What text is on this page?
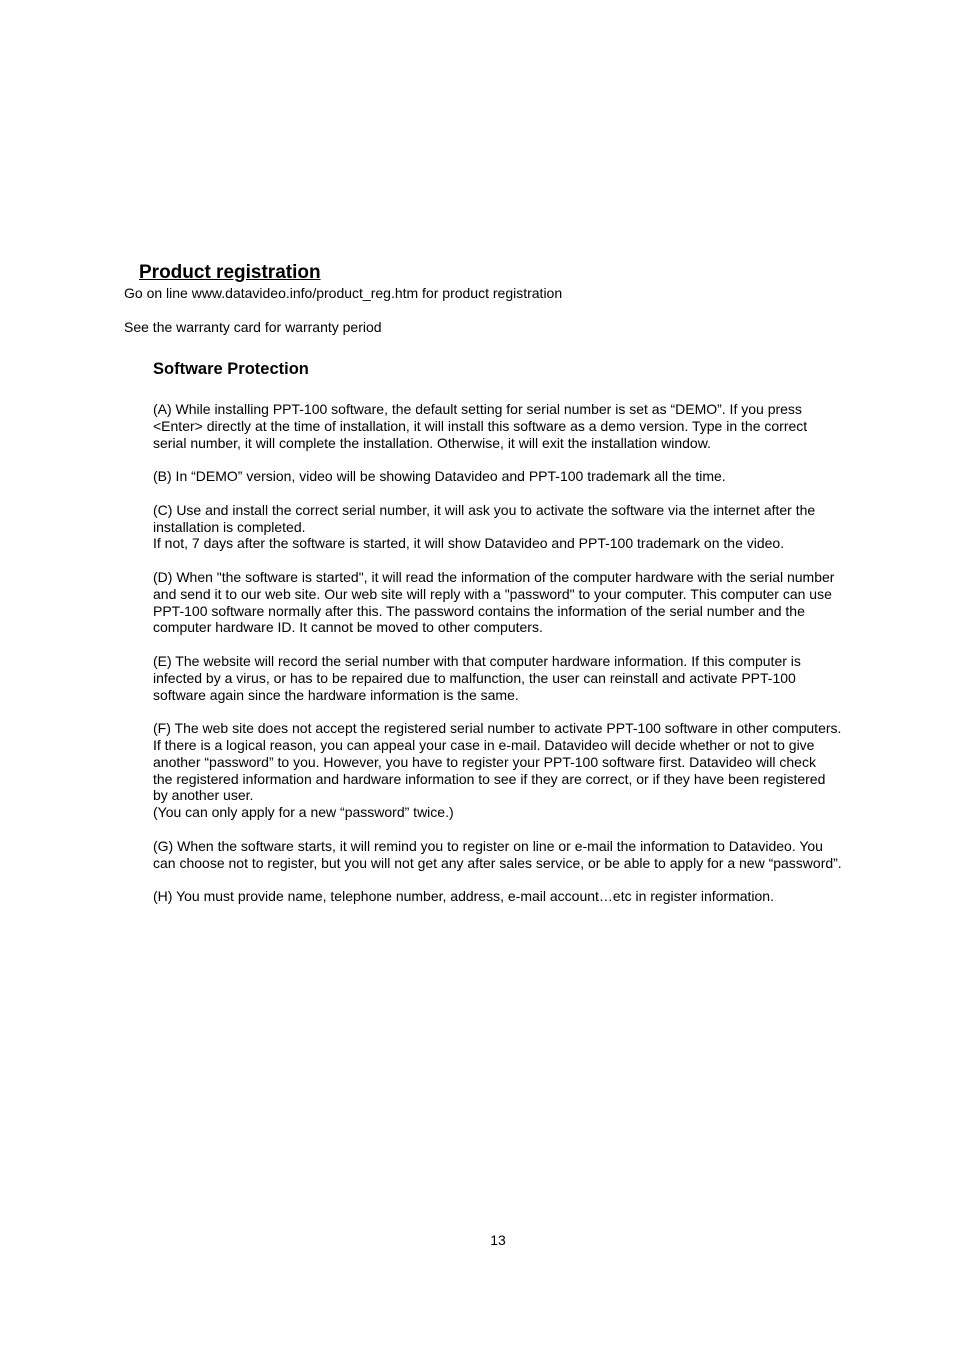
Product registration

Go on line www.datavideo.info/product_reg.htm for product registration

See the warranty card for warranty period

Software Protection
(A) While installing PPT-100 software, the default setting for serial number is set as “DEMO”. If you press
<Enter> directly at the time of installation, it will install this software as a demo version. Type in the correct
serial number, it will complete the installation. Otherwise, it will exit the installation window.
(B) In “DEMO” version, video will be showing Datavideo and PPT-100 trademark all the time.
(C) Use and install the correct serial number, it will ask you to activate the software via the internet after the
installation is completed.
If not, 7 days after the software is started, it will show Datavideo and PPT-100 trademark on the video.
(D) When "the software is started", it will read the information of the computer hardware with the serial number
and send it to our web site. Our web site will reply with a "password" to your computer. This computer can use
PPT-100 software normally after this. The password contains the information of the serial number and the
computer hardware ID. It cannot be moved to other computers.
(E) The website will record the serial number with that computer hardware information. If this computer is
infected by a virus, or has to be repaired due to malfunction, the user can reinstall and activate PPT-100
software again since the hardware information is the same.
(F) The web site does not accept the registered serial number to activate PPT-100 software in other computers.
If there is a logical reason, you can appeal your case in e-mail. Datavideo will decide whether or not to give
another “password” to you. However, you have to register your PPT-100 software first. Datavideo will check
the registered information and hardware information to see if they are correct, or if they have been registered
by another user.
(You can only apply for a new “password” twice.)
(G) When the software starts, it will remind you to register on line or e-mail the information to Datavideo. You
can choose not to register, but you will not get any after sales service, or be able to apply for a new “password”.
(H) You must provide name, telephone number, address, e-mail account…etc in register information.

13
